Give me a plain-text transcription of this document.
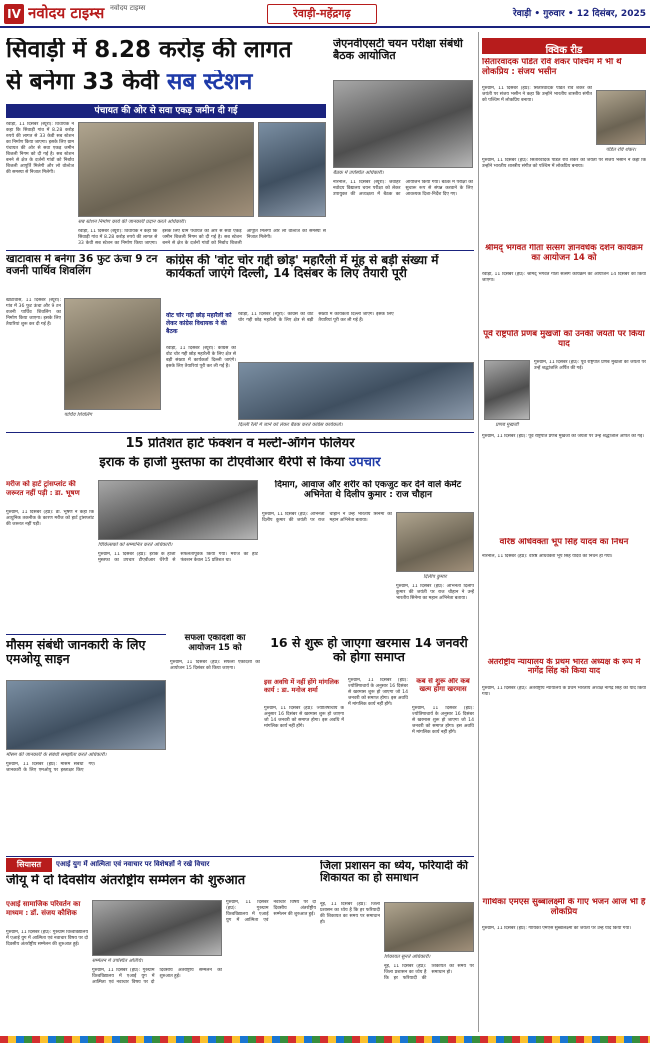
IV नवोदय टाइम्स नवोदय टाइम्स	रेवाड़ी-महेंद्रगढ़	रेवाड़ी • गुरुवार • 12 दिसंबर, 2025
सिवाड़ी में 8.28 करोड़ की लागत
से बनेगा 33 केवी सब स्टेशन
पंचायत की ओर से सवा एकड़ जमीन दी गई
रेवाड़ी, 11 दिसंबर (ब्यूरो): विधायक ने कहा कि सिवाड़ी गांव में 8.28 करोड़ रुपये की लागत से 33 केवी सब स्टेशन का निर्माण किया जाएगा। इसके लिए ग्राम पंचायत की ओर से सवा एकड़ जमीन बिजली निगम को दी गई है। सब स्टेशन बनने से क्षेत्र के दर्जनों गांवों को निर्बाध बिजली आपूर्ति मिलेगी और लो वोल्टेज की समस्या से निजात मिलेगी।
सब स्टेशन निर्माण कार्य की जानकारी प्रदान करते अधिकारी।
रेवाड़ी, 11 दिसंबर (ब्यूरो): विधायक ने कहा कि सिवाड़ी गांव में 8.28 करोड़ रुपये की लागत से 33 केवी सब स्टेशन का निर्माण किया जाएगा। इसके लिए ग्राम पंचायत की ओर से सवा एकड़ जमीन बिजली निगम को दी गई है। सब स्टेशन बनने से क्षेत्र के दर्जनों गांवों को निर्बाध बिजली आपूर्ति मिलेगी और लो वोल्टेज की समस्या से निजात मिलेगी।
जेएनवीएसटी चयन परीक्षा संबंधी बैठक आयोजित
बैठक में उपस्थित अधिकारी।
नारनौल, 11 दिसंबर (ब्यूरो): जवाहर नवोदय विद्यालय चयन परीक्षा को लेकर उपायुक्त की अध्यक्षता में बैठक का आयोजन किया गया। बैठक में परीक्षा को सुचारू रूप से संपन्न करवाने के लिए आवश्यक दिशा-निर्देश दिए गए।
क्विक रीड
सितारवादक पंडित रवि शंकर पश्चिम में भी थे लोकप्रिय : संजय भसीन
गुरुग्राम, 11 दिसंबर (हप्र): सितारवादक पंडित रवि शंकर की जयंती पर संजय भसीन ने कहा कि उन्होंने भारतीय शास्त्रीय संगीत को पश्चिम में लोकप्रिय बनाया।
पंडित रवि शंकर।
गुरुग्राम, 11 दिसंबर (हप्र): सितारवादक पंडित रवि शंकर की जयंती पर संजय भसीन ने कहा कि उन्होंने भारतीय शास्त्रीय संगीत को पश्चिम में लोकप्रिय बनाया।
श्रीमद् भगवत गीता सत्संग ज्ञानवर्धक दर्शन कार्यक्रम का आयोजन 14 को
रेवाड़ी, 11 दिसंबर (हप्र): श्रीमद् भगवत गीता सत्संग कार्यक्रम का आयोजन 14 दिसंबर को किया जाएगा।
पूर्व राष्ट्रपति प्रणब मुखर्जी को उनकी जयंती पर किया याद
प्रणब मुखर्जी
गुरुग्राम, 11 दिसंबर (हप्र): पूर्व राष्ट्रपति प्रणब मुखर्जी की जयंती पर उन्हें श्रद्धांजलि अर्पित की गई।
गुरुग्राम, 11 दिसंबर (हप्र): पूर्व राष्ट्रपति प्रणब मुखर्जी की जयंती पर उन्हें श्रद्धांजलि अर्पित की गई।
वरिष्ठ अधिवक्ता भूप सिंह यादव का निधन
नारनौल, 11 दिसंबर (हप्र): वरिष्ठ अधिवक्ता भूप सिंह यादव का निधन हो गया।
अंतर्राष्ट्रीय न्यायालय के प्रथम भारत अध्यक्ष के रूप में नागेंद्र सिंह को किया याद
गुरुग्राम, 11 दिसंबर (हप्र): अंतर्राष्ट्रीय न्यायालय के प्रथम भारतीय अध्यक्ष नागेंद्र सिंह को याद किया गया।
गाथिका एमएस सुब्बालक्ष्मी के गाए भजन आज भी हैं लोकप्रिय
गुरुग्राम, 11 दिसंबर (हप्र): गायिका एमएस सुब्बालक्ष्मी की जयंती पर उन्हें याद किया गया।
खाटावास में बनेगा 36 फुट ऊंचा 9 टन वजनी पार्थिव शिवलिंग
खाटावास, 11 दिसंबर (ब्यूरो): गांव में 36 फुट ऊंचा और 9 टन वजनी पार्थिव शिवलिंग का निर्माण किया जाएगा। इसके लिए तैयारियां शुरू कर दी गई हैं।
पार्थिव शिवलिंग
कांग्रेस की 'वोट चोर गद्दी छोड़' महारैली में मूंह से बड़ी संख्या में कार्यकर्ता जाएंगे दिल्ली, 14 दिसंबर के लिए तैयारी पूरी
वोट चोर गद्दी छोड़ महारैली को लेकर कांग्रेस विधायक ने की बैठक
रेवाड़ी, 11 दिसंबर (ब्यूरो): कांग्रेस की वोट चोर गद्दी छोड़ महारैली के लिए क्षेत्र से बड़ी संख्या में कार्यकर्ता दिल्ली जाएंगे। इसके लिए तैयारियां पूरी कर ली गई हैं।
रेवाड़ी, 11 दिसंबर (ब्यूरो): कांग्रेस की वोट चोर गद्दी छोड़ महारैली के लिए क्षेत्र से बड़ी संख्या में कार्यकर्ता दिल्ली जाएंगे। इसके लिए तैयारियां पूरी कर ली गई हैं।
दिल्ली रैली में जाने को लेकर बैठक करते कांग्रेस कार्यकर्ता।
15 प्रतिशत हार्ट फंक्शन व मल्टी-ऑर्गन फेलियर
इराक के हाजी मुस्तफा का टीएवीआर थैरेपी से किया उपचार
मरीज को हार्ट ट्रांसप्लांट की जरूरत नहीं पड़ी : डा. भूषण
गुरुग्राम, 11 दिसंबर (हप्र): डा. भूषण ने कहा कि आधुनिक तकनीक के कारण मरीज को हार्ट ट्रांसप्लांट की जरूरत नहीं पड़ी।
चिकित्सकों को सम्मानित करते अधिकारी।
गुरुग्राम, 11 दिसंबर (हप्र): इराक के हाजी मुस्तफा का उपचार टीएवीआर थैरेपी से सफलतापूर्वक किया गया। मरीज का हार्ट फंक्शन केवल 15 प्रतिशत था।
दिमाग, आवाज और शरीर को एकजुट कर देने वाले केमेंट अभिनेता थे दिलीप कुमार : राज चौहान
गुरुग्राम, 11 दिसंबर (हप्र): अभिनेता दिलीप कुमार की जयंती पर राज चौहान ने उन्हें भारतीय सिनेमा का महान अभिनेता बताया।
दिलीप कुमार
गुरुग्राम, 11 दिसंबर (हप्र): अभिनेता दिलीप कुमार की जयंती पर राज चौहान ने उन्हें भारतीय सिनेमा का महान अभिनेता बताया।
मौसम संबंधी जानकारी के लिए एमओयू साइन
मौसम की जानकारी के संबंधी समझौता करते अधिकारी।
गुरुग्राम, 11 दिसंबर (हप्र): मौसम संबंधी जानकारी के लिए एमओयू पर हस्ताक्षर किए गए।
सफला एकादशी का आयोजन 15 को
गुरुग्राम, 11 दिसंबर (हप्र): सफला एकादशी का आयोजन 15 दिसंबर को किया जाएगा।
16 से शुरू हो जाएगा खरमास 14 जनवरी को होगा समाप्त
इस अवधि में नहीं होंगे मांगलिक कार्य : डा. मनोज शर्मा
गुरुग्राम, 11 दिसंबर (हप्र): ज्योतिषाचार्य के अनुसार 16 दिसंबर से खरमास शुरू हो जाएगा जो 14 जनवरी को समाप्त होगा। इस अवधि में मांगलिक कार्य नहीं होंगे।
गुरुग्राम, 11 दिसंबर (हप्र): ज्योतिषाचार्य के अनुसार 16 दिसंबर से खरमास शुरू हो जाएगा जो 14 जनवरी को समाप्त होगा। इस अवधि में मांगलिक कार्य नहीं होंगे।
कब से शुरू और कब खत्म होगा खरमास
गुरुग्राम, 11 दिसंबर (हप्र): ज्योतिषाचार्य के अनुसार 16 दिसंबर से खरमास शुरू हो जाएगा जो 14 जनवरी को समाप्त होगा। इस अवधि में मांगलिक कार्य नहीं होंगे।
सियासत	एआई युग में आत्मिता एवं नवाचार पर विशेषज्ञों ने रखे विचार
जीयू में दो दिवसीय अंतर्राष्ट्रीय सम्मेलन की शुरुआत
एआई सामाजिक परिवर्तन का माध्यम : डॉ. संजय कौशिक
गुरुग्राम, 11 दिसंबर (हप्र): गुरुग्राम विश्वविद्यालय में एआई युग में आत्मिता एवं नवाचार विषय पर दो दिवसीय अंतर्राष्ट्रीय सम्मेलन की शुरुआत हुई।
सम्मेलन में उपस्थित अतिथि।
गुरुग्राम, 11 दिसंबर (हप्र): गुरुग्राम विश्वविद्यालय में एआई युग में आत्मिता एवं नवाचार विषय पर दो दिवसीय अंतर्राष्ट्रीय सम्मेलन की शुरुआत हुई।
गुरुग्राम, 11 दिसंबर (हप्र): गुरुग्राम विश्वविद्यालय में एआई युग में आत्मिता एवं नवाचार विषय पर दो दिवसीय अंतर्राष्ट्रीय सम्मेलन की शुरुआत हुई।
जिला प्रशासन का ध्येय, फरियादी की शिकायत का हो समाधान
नूंह, 11 दिसंबर (हप्र): जिला प्रशासन का ध्येय है कि हर फरियादी की शिकायत का समय पर समाधान हो।
शिकायत सुनते अधिकारी।
नूंह, 11 दिसंबर (हप्र): जिला प्रशासन का ध्येय है कि हर फरियादी की शिकायत का समय पर समाधान हो।
